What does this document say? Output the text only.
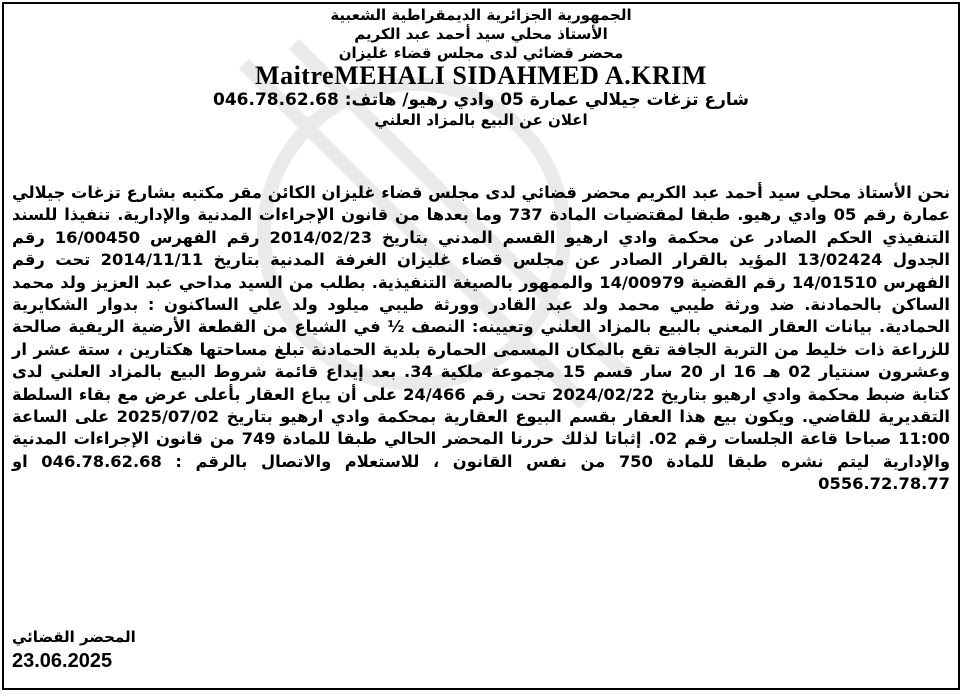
الجمهورية الجزائرية الديمقراطية الشعبية
الأستاذ محلي سيد أحمد عبد الكريم
محضر قضائي لدى مجلس قضاء غليزان
MaitreMEHALI SIDAHMED A.KRIM
شارع تزغات جيلالي عمارة 05 وادي رهيو/ هاتف: 046.78.62.68
اعلان عن البيع بالمزاد العلني

نحن الأستاذ محلي سيد أحمد عبد الكريم محضر قضائي لدى مجلس قضاء غليزان الكائن مقر مكتبه بشارع تزغات جيلالي عمارة رقم 05 وادي رهيو. طبقا لمقتضيات المادة 737 وما بعدها من قانون الإجراءات المدنية والإدارية. تنفيذا للسند التنفيذي الحكم الصادر عن محكمة وادي ارهيو القسم المدني بتاريخ 2014/02/23 رقم الفهرس 16/00450 رقم الجدول 13/02424 المؤيد بالقرار الصادر عن مجلس قضاء غليزان الغرفة المدنية بتاريخ 2014/11/11 تحت رقم الفهرس 14/01510 رقم القضية 14/00979 والممهور بالصيغة التنفيذية. بطلب من السيد مداحي عبد العزيز ولد محمد الساكن بالحمادنة. ضد ورثة طيبي محمد ولد عبد القادر وورثة طيبي ميلود ولد علي الساكنون : بدوار الشكايرية الحمادية. بيانات العقار المعني بالبيع بالمزاد العلني وتعيينه: النصف ½ في الشياع من القطعة الأرضية الريفية صالحة للزراعة ذات خليط من التربة الجافة تقع بالمكان المسمى الحمارة بلدية الحمادنة تبلغ مساحتها هكتارين ، ستة عشر ار وعشرون سنتيار 02 هـ 16 ار 20 سار قسم 15 مجموعة ملكية 34. بعد إيداع قائمة شروط البيع بالمزاد العلني لدى كتابة ضبط محكمة وادي ارهيو بتاريخ 2024/02/22 تحت رقم 24/466 على أن يباع العقار بأعلى عرض مع بقاء السلطة التقديرية للقاضي. ويكون بيع هذا العقار بقسم البيوع العقارية بمحكمة وادي ارهيو بتاريخ 2025/07/02 على الساعة 11:00 صباحا قاعة الجلسات رقم 02. إثباتا لذلك حررنا المحضر الحالي طبقا للمادة 749 من قانون الإجراءات المدنية والإدارية ليتم نشره طبقا للمادة 750 من نفس القانون ، للاستعلام والاتصال بالرقم : 046.78.62.68 او 0556.72.78.77

المحضر القضائي
23.06.2025
